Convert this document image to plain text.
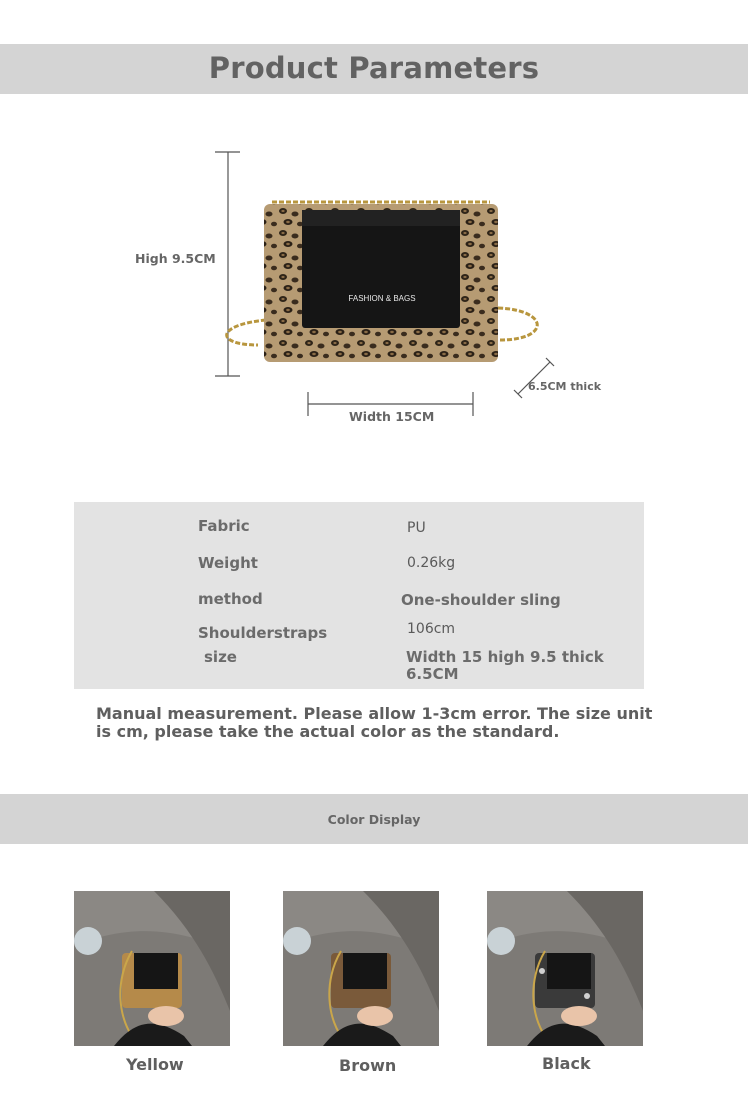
Product Parameters
FASHION & BAGS
High 9.5CM
Width 15CM
6.5CM thick
Fabric	PU
Weight	0.26kg
method	One-shoulder sling
Shoulderstraps	106cm
size	Width 15 high 9.5 thick 6.5CM
Manual measurement. Please allow 1-3cm error. The size unit is cm, please take the actual color as the standard.
Color Display
Yellow	Brown	Black
